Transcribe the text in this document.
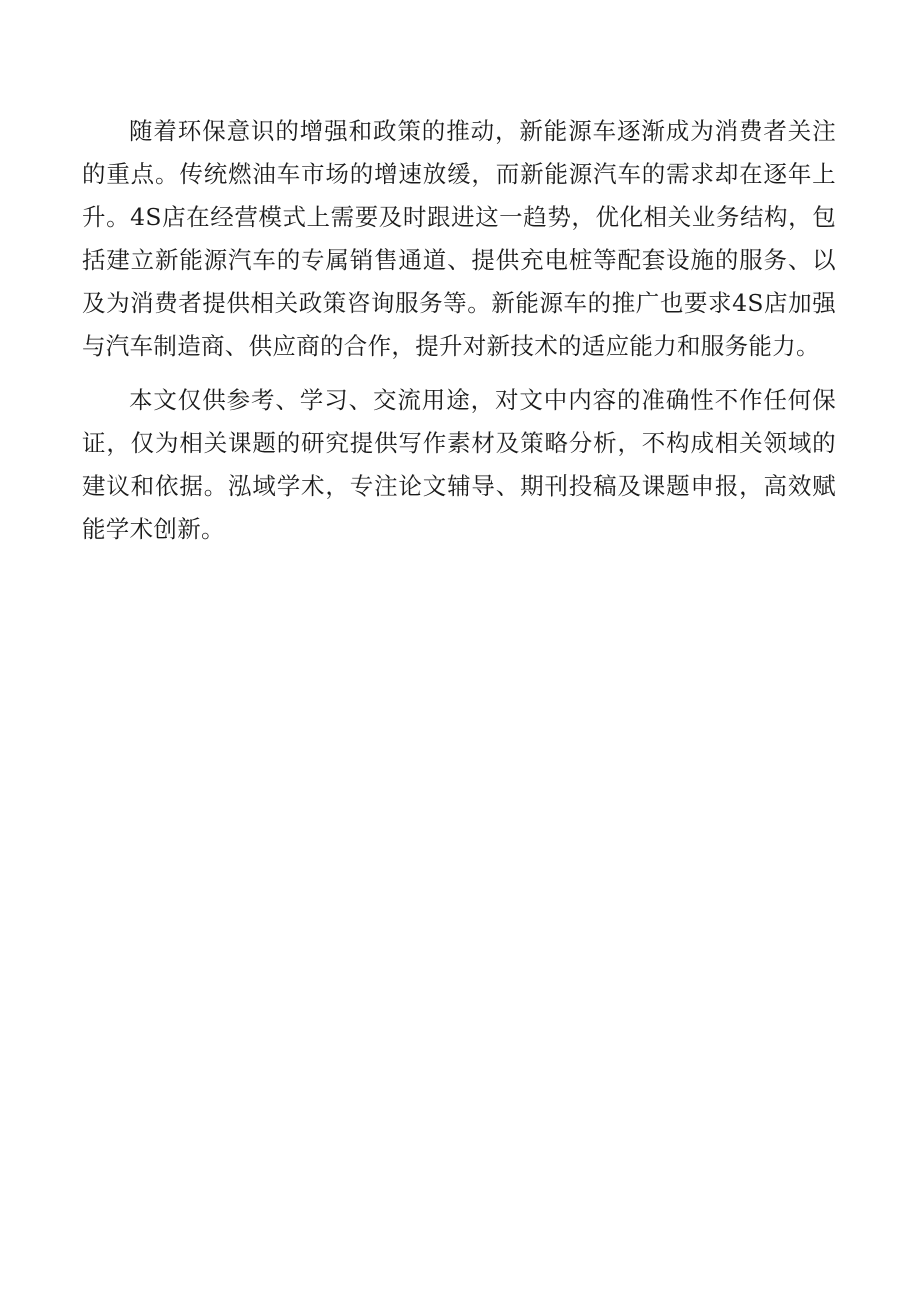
随着环保意识的增强和政策的推动，新能源车逐渐成为消费者关注的重点。传统燃油车市场的增速放缓，而新能源汽车的需求却在逐年上升。4S店在经营模式上需要及时跟进这一趋势，优化相关业务结构，包括建立新能源汽车的专属销售通道、提供充电桩等配套设施的服务、以及为消费者提供相关政策咨询服务等。新能源车的推广也要求4S店加强与汽车制造商、供应商的合作，提升对新技术的适应能力和服务能力。

本文仅供参考、学习、交流用途，对文中内容的准确性不作任何保证，仅为相关课题的研究提供写作素材及策略分析，不构成相关领域的建议和依据。泓域学术，专注论文辅导、期刊投稿及课题申报，高效赋能学术创新。
